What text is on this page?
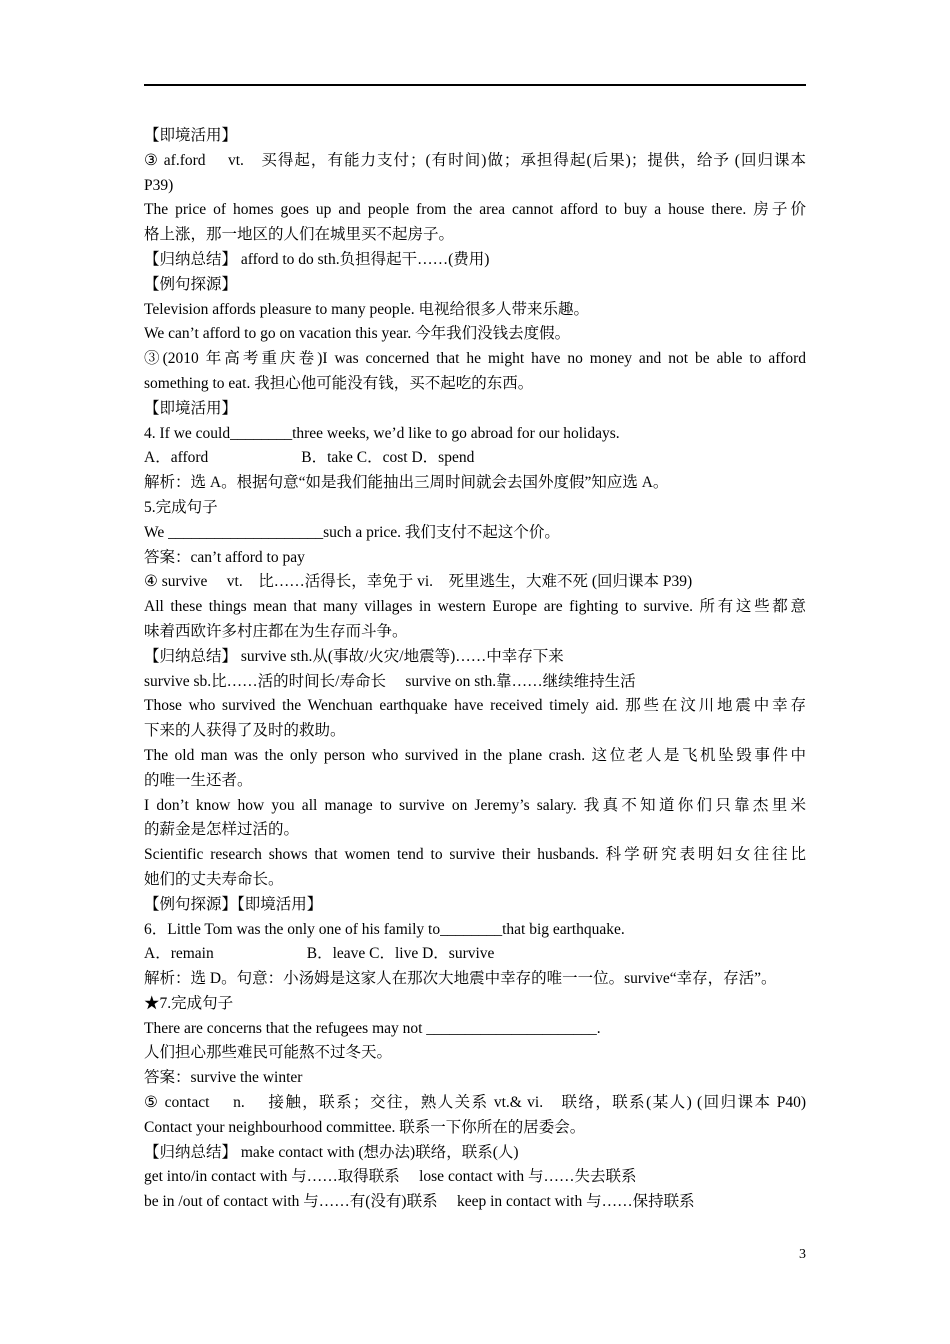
【即境活用】
③ af.ford　 vt.　买得起，有能力支付；(有时间)做；承担得起(后果)；提供，给予 (回归课本
P39)
The price of homes goes up and people from the area cannot afford to buy a house there. 房子价
格上涨，那一地区的人们在城里买不起房子。
【归纳总结】 afford to do sth.负担得起干……(费用)
【例句探源】
Television affords pleasure to many people. 电视给很多人带来乐趣。
We can’t afford to go on vacation this year. 今年我们没钱去度假。
③(2010 年高考重庆卷)I was concerned that he might have no money and not be able to afford
something to eat. 我担心他可能没有钱，买不起吃的东西。
【即境活用】
4. If we could________three weeks, we’d like to go abroad for our holidays.
A．afford　　　　　　B．take C．cost D．spend
解析：选 A。根据句意“如是我们能抽出三周时间就会去国外度假”知应选 A。
5.完成句子
We ____________________such a price. 我们支付不起这个价。
答案：can’t afford to pay
④ survive　 vt.　比……活得长，幸免于 vi.　死里逃生，大难不死 (回归课本 P39)
All these things mean that many villages in western Europe are fighting to survive. 所有这些都意
味着西欧许多村庄都在为生存而斗争。
【归纳总结】 survive sth.从(事故/火灾/地震等)……中幸存下来
survive sb.比……活的时间长/寿命长　 survive on sth.靠……继续维持生活
Those who survived the Wenchuan earthquake have received timely aid. 那些在汶川地震中幸存
下来的人获得了及时的救助。
The old man was the only person who survived in the plane crash. 这位老人是飞机坠毁事件中
的唯一生还者。
I don’t know how you all manage to survive on Jeremy’s salary. 我真不知道你们只靠杰里米
的薪金是怎样过活的。
Scientific research shows that women tend to survive their husbands. 科学研究表明妇女往往比
她们的丈夫寿命长。
【例句探源】【即境活用】
6．Little Tom was the only one of his family to________that big earthquake.
A．remain　　　　　　B．leave C．live D．survive
解析：选 D。句意：小汤姆是这家人在那次大地震中幸存的唯一一位。survive“幸存，存活”。
★7.完成句子
There are concerns that the refugees may not ______________________.
人们担心那些难民可能熬不过冬天。
答案：survive the winter
⑤ contact　 n.　 接触，联系；交往，熟人关系 vt.& vi.　联络，联系(某人) (回归课本 P40)
Contact your neighbourhood committee. 联系一下你所在的居委会。
【归纳总结】 make contact with (想办法)联络，联系(人)
get into/in contact with 与……取得联系　 lose contact with 与……失去联系
be in /out of contact with 与……有(没有)联系　 keep in contact with 与……保持联系
3
